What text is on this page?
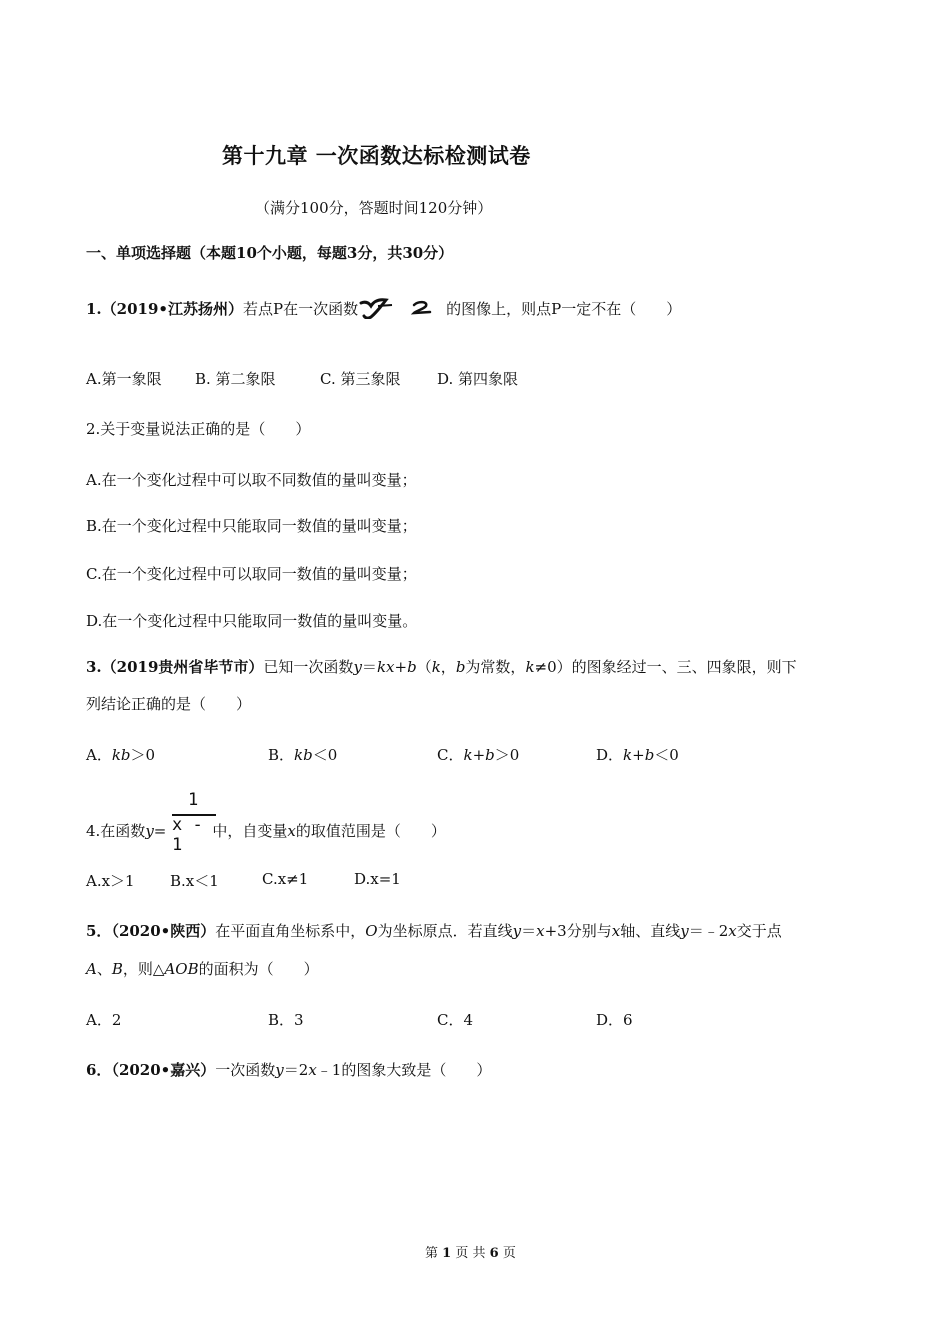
第十九章 一次函数达标检测试卷
（满分100分，答题时间120分钟）
一、单项选择题（本题10个小题，每题3分，共30分）
1.（2019•江苏扬州）若点P在一次函数	的图像上，则点P一定不在（　　）
A.第一象限 B. 第二象限	C. 第三象限 D. 第四象限
2.关于变量说法正确的是（　　）
A.在一个变化过程中可以取不同数值的量叫变量；
B.在一个变化过程中只能取同一数值的量叫变量；
C.在一个变化过程中可以取同一数值的量叫变量；
D.在一个变化过程中只能取同一数值的量叫变量。
3.（2019贵州省毕节市）已知一次函数y＝kx+b（k，b为常数，k≠0）的图象经过一、三、四象限，则下
列结论正确的是（　　）
A．kb＞0	B．kb＜0	C．k+b＞0	D．k+b＜0
4.在函数y=	中，自变量x的取值范围是（　　）
1
x - 1
A.x＞1 B.x＜1	C.x≠1	D.x=1
5．（2020•陕西）在平面直角坐标系中，O为坐标原点．若直线y＝x+3分别与x轴、直线y＝﹣2x交于点
A、B，则△AOB的面积为（　　）
A．2	B．3	C．4	D．6
6．（2020•嘉兴）一次函数y＝2x﹣1的图象大致是（　　）
第 1 页 共 6 页
